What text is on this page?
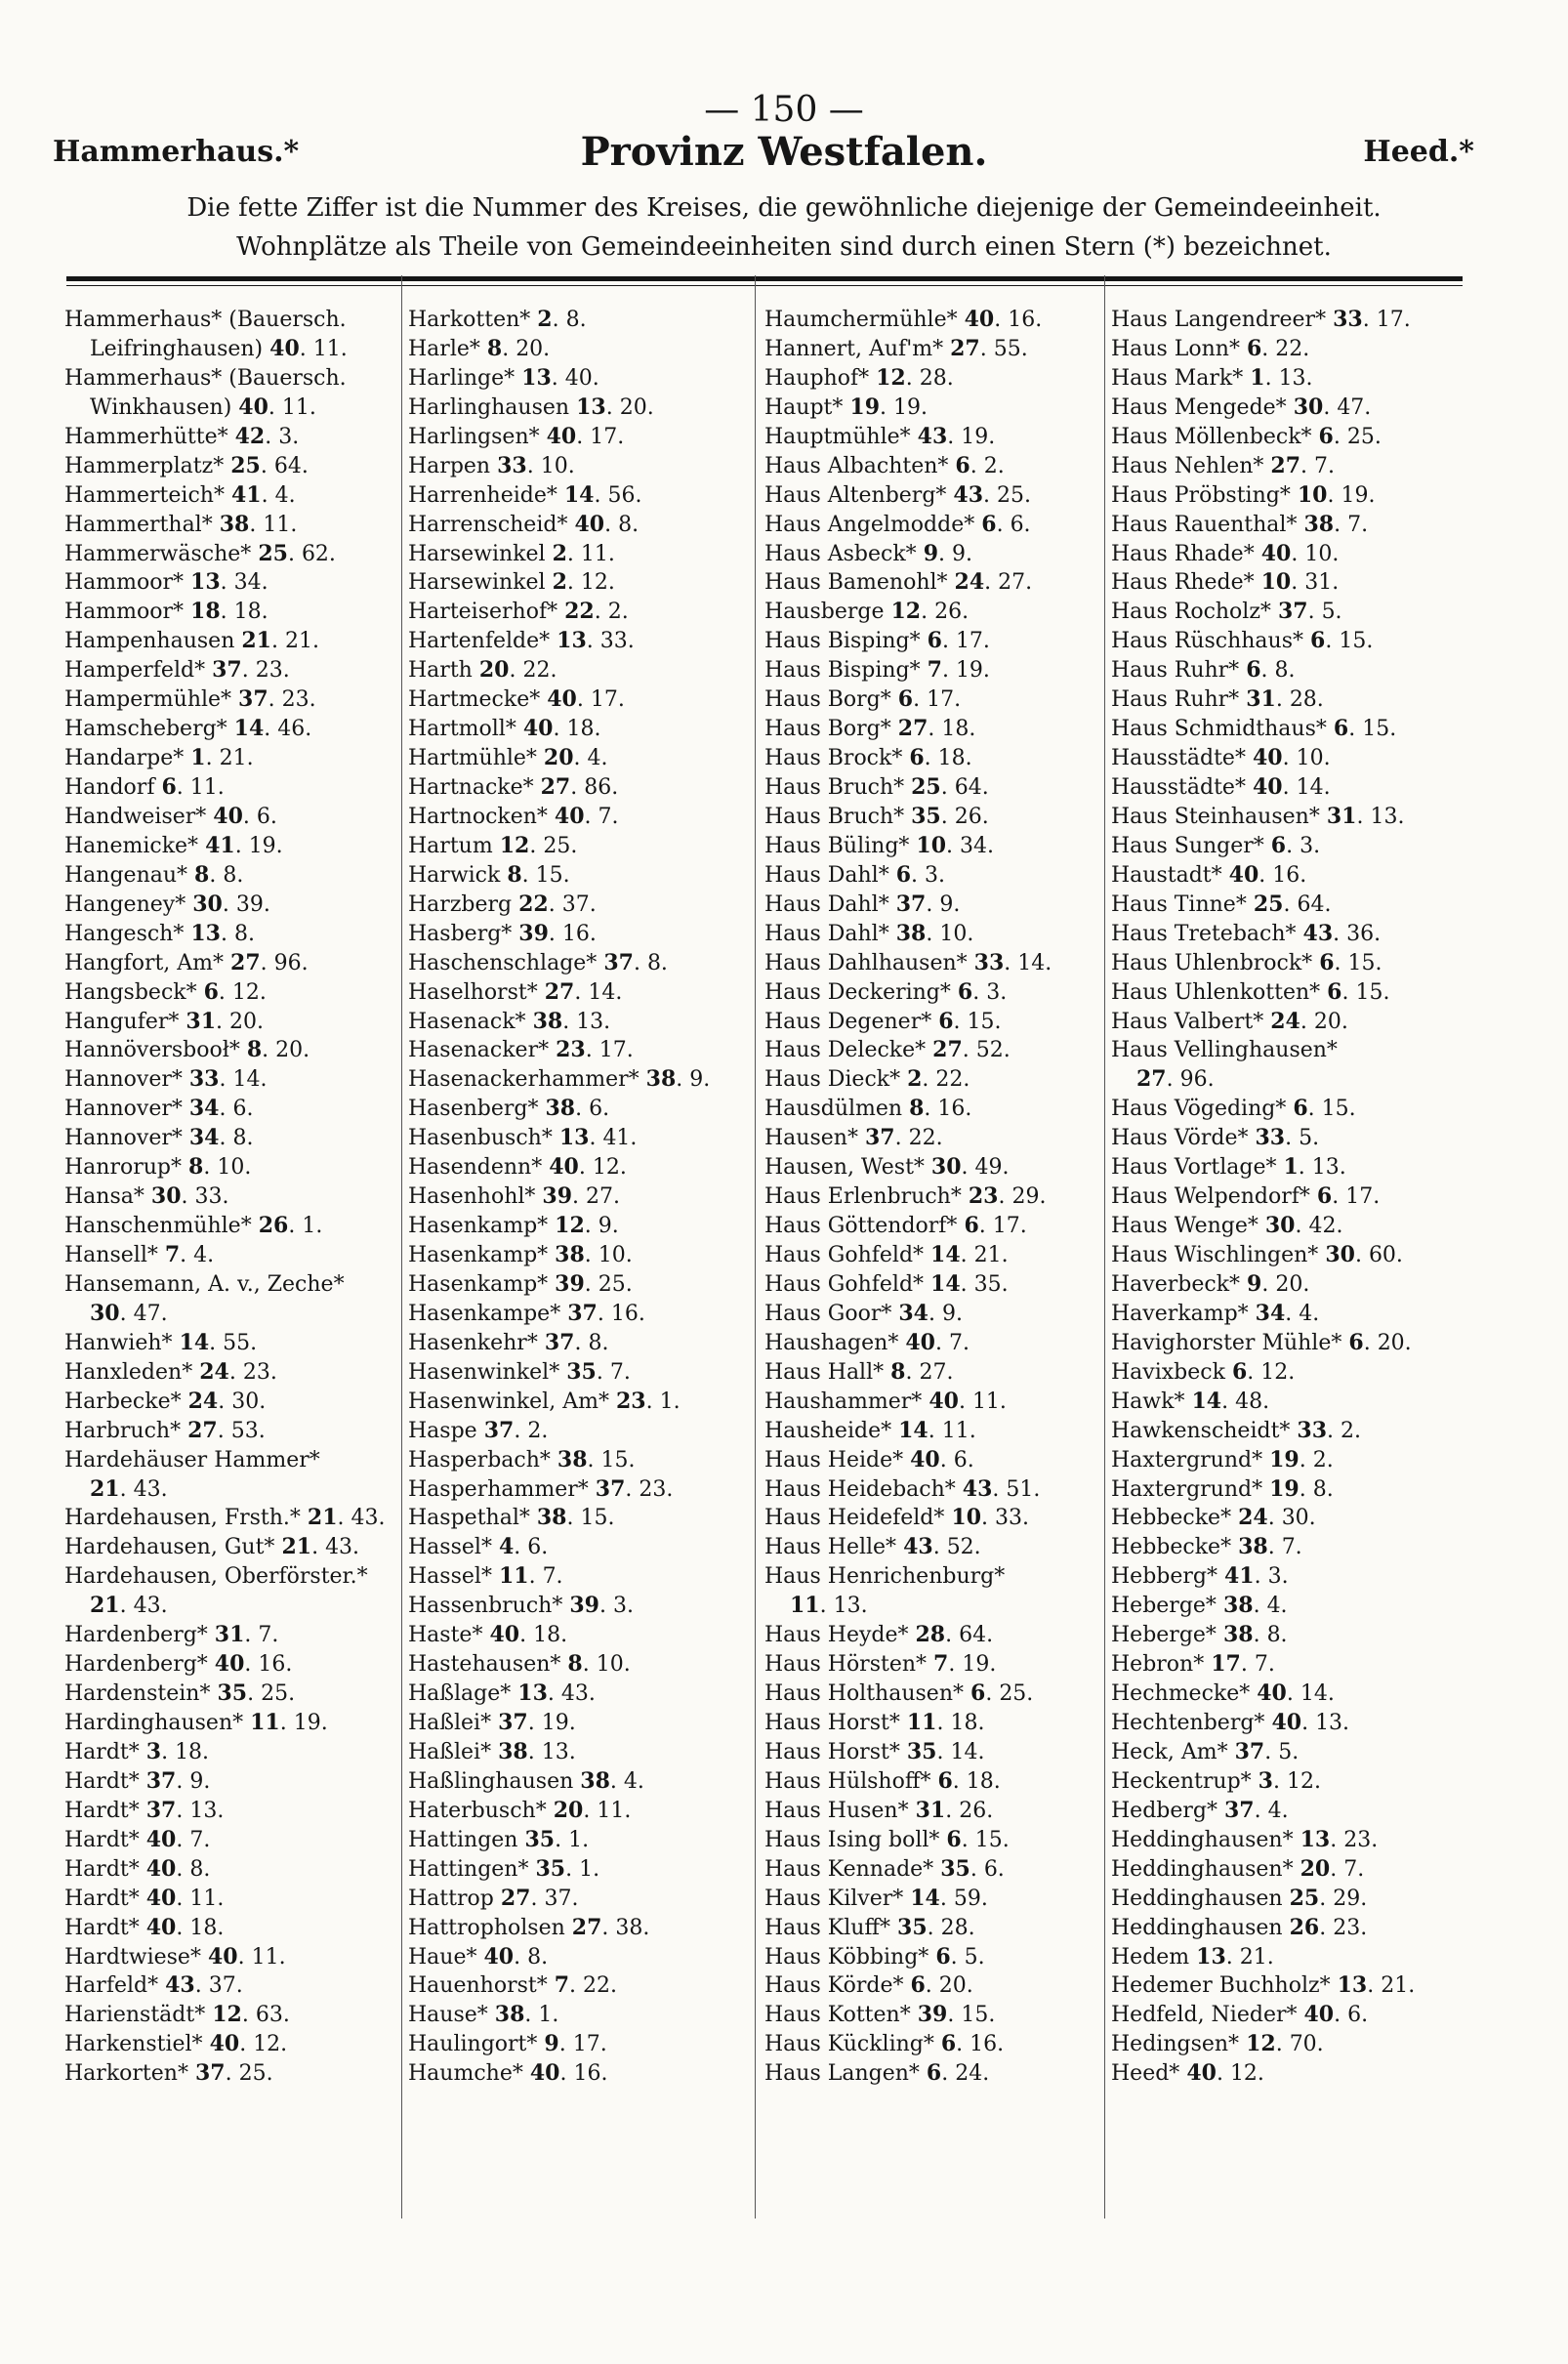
— 150 —
Hammerhaus.*	Provinz Westfalen.	Heed.*
Die fette Ziffer ist die Nummer des Kreises, die gewöhnliche diejenige der Gemeindeeinheit.
Wohnplätze als Theile von Gemeindeeinheiten sind durch einen Stern (*) bezeichnet.
Hammerhaus* (Bauersch.
Leifringhausen) 40. 11.
Hammerhaus* (Bauersch.
Winkhausen) 40. 11.
Hammerhütte* 42. 3.
Hammerplatz* 25. 64.
Hammerteich* 41. 4.
Hammerthal* 38. 11.
Hammerwäsche* 25. 62.
Hammoor* 13. 34.
Hammoor* 18. 18.
Hampenhausen 21. 21.
Hamperfeld* 37. 23.
Hampermühle* 37. 23.
Hamscheberg* 14. 46.
Handarpe* 1. 21.
Handorf 6. 11.
Handweiser* 40. 6.
Hanemicke* 41. 19.
Hangenau* 8. 8.
Hangeney* 30. 39.
Hangesch* 13. 8.
Hangfort, Am* 27. 96.
Hangsbeck* 6. 12.
Hangufer* 31. 20.
Hannöversbooł* 8. 20.
Hannover* 33. 14.
Hannover* 34. 6.
Hannover* 34. 8.
Hanrorup* 8. 10.
Hansa* 30. 33.
Hanschenmühle* 26. 1.
Hansell* 7. 4.
Hansemann, A. v., Zeche*
30. 47.
Hanwieh* 14. 55.
Hanxleden* 24. 23.
Harbecke* 24. 30.
Harbruch* 27. 53.
Hardehäuser Hammer*
21. 43.
Hardehausen, Frsth.* 21. 43.
Hardehausen, Gut* 21. 43.
Hardehausen, Oberförster.*
21. 43.
Hardenberg* 31. 7.
Hardenberg* 40. 16.
Hardenstein* 35. 25.
Hardinghausen* 11. 19.
Hardt* 3. 18.
Hardt* 37. 9.
Hardt* 37. 13.
Hardt* 40. 7.
Hardt* 40. 8.
Hardt* 40. 11.
Hardt* 40. 18.
Hardtwiese* 40. 11.
Harfeld* 43. 37.
Harienstädt* 12. 63.
Harkenstiel* 40. 12.
Harkorten* 37. 25.
Harkotten* 2. 8.
Harle* 8. 20.
Harlinge* 13. 40.
Harlinghausen 13. 20.
Harlingsen* 40. 17.
Harpen 33. 10.
Harrenheide* 14. 56.
Harrenscheid* 40. 8.
Harsewinkel 2. 11.
Harsewinkel 2. 12.
Harteiserhof* 22. 2.
Hartenfelde* 13. 33.
Harth 20. 22.
Hartmecke* 40. 17.
Hartmoll* 40. 18.
Hartmühle* 20. 4.
Hartnacke* 27. 86.
Hartnocken* 40. 7.
Hartum 12. 25.
Harwick 8. 15.
Harzberg 22. 37.
Hasberg* 39. 16.
Haschenschlage* 37. 8.
Haselhorst* 27. 14.
Hasenack* 38. 13.
Hasenacker* 23. 17.
Hasenackerhammer* 38. 9.
Hasenberg* 38. 6.
Hasenbusch* 13. 41.
Hasendenn* 40. 12.
Hasenhohl* 39. 27.
Hasenkamp* 12. 9.
Hasenkamp* 38. 10.
Hasenkamp* 39. 25.
Hasenkampe* 37. 16.
Hasenkehr* 37. 8.
Hasenwinkel* 35. 7.
Hasenwinkel, Am* 23. 1.
Haspe 37. 2.
Hasperbach* 38. 15.
Hasperhammer* 37. 23.
Haspethal* 38. 15.
Hassel* 4. 6.
Hassel* 11. 7.
Hassenbruch* 39. 3.
Haste* 40. 18.
Hastehausen* 8. 10.
Haßlage* 13. 43.
Haßlei* 37. 19.
Haßlei* 38. 13.
Haßlinghausen 38. 4.
Haterbusch* 20. 11.
Hattingen 35. 1.
Hattingen* 35. 1.
Hattrop 27. 37.
Hattropholsen 27. 38.
Haue* 40. 8.
Hauenhorst* 7. 22.
Hause* 38. 1.
Haulingort* 9. 17.
Haumche* 40. 16.
Haumchermühle* 40. 16.
Hannert, Auf'm* 27. 55.
Hauphof* 12. 28.
Haupt* 19. 19.
Hauptmühle* 43. 19.
Haus Albachten* 6. 2.
Haus Altenberg* 43. 25.
Haus Angelmodde* 6. 6.
Haus Asbeck* 9. 9.
Haus Bamenohl* 24. 27.
Hausberge 12. 26.
Haus Bisping* 6. 17.
Haus Bisping* 7. 19.
Haus Borg* 6. 17.
Haus Borg* 27. 18.
Haus Brock* 6. 18.
Haus Bruch* 25. 64.
Haus Bruch* 35. 26.
Haus Büling* 10. 34.
Haus Dahl* 6. 3.
Haus Dahl* 37. 9.
Haus Dahl* 38. 10.
Haus Dahlhausen* 33. 14.
Haus Deckering* 6. 3.
Haus Degener* 6. 15.
Haus Delecke* 27. 52.
Haus Dieck* 2. 22.
Hausdülmen 8. 16.
Hausen* 37. 22.
Hausen, West* 30. 49.
Haus Erlenbruch* 23. 29.
Haus Göttendorf* 6. 17.
Haus Gohfeld* 14. 21.
Haus Gohfeld* 14. 35.
Haus Goor* 34. 9.
Haushagen* 40. 7.
Haus Hall* 8. 27.
Haushammer* 40. 11.
Hausheide* 14. 11.
Haus Heide* 40. 6.
Haus Heidebach* 43. 51.
Haus Heidefeld* 10. 33.
Haus Helle* 43. 52.
Haus Henrichenburg*
11. 13.
Haus Heyde* 28. 64.
Haus Hörsten* 7. 19.
Haus Holthausen* 6. 25.
Haus Horst* 11. 18.
Haus Horst* 35. 14.
Haus Hülshoff* 6. 18.
Haus Husen* 31. 26.
Haus Ising boll* 6. 15.
Haus Kennade* 35. 6.
Haus Kilver* 14. 59.
Haus Kluff* 35. 28.
Haus Köbbing* 6. 5.
Haus Körde* 6. 20.
Haus Kotten* 39. 15.
Haus Kückling* 6. 16.
Haus Langen* 6. 24.
Haus Langendreer* 33. 17.
Haus Lonn* 6. 22.
Haus Mark* 1. 13.
Haus Mengede* 30. 47.
Haus Möllenbeck* 6. 25.
Haus Nehlen* 27. 7.
Haus Pröbsting* 10. 19.
Haus Rauenthal* 38. 7.
Haus Rhade* 40. 10.
Haus Rhede* 10. 31.
Haus Rocholz* 37. 5.
Haus Rüschhaus* 6. 15.
Haus Ruhr* 6. 8.
Haus Ruhr* 31. 28.
Haus Schmidthaus* 6. 15.
Hausstädte* 40. 10.
Hausstädte* 40. 14.
Haus Steinhausen* 31. 13.
Haus Sunger* 6. 3.
Haustadt* 40. 16.
Haus Tinne* 25. 64.
Haus Tretebach* 43. 36.
Haus Uhlenbrock* 6. 15.
Haus Uhlenkotten* 6. 15.
Haus Valbert* 24. 20.
Haus Vellinghausen*
27. 96.
Haus Vögeding* 6. 15.
Haus Vörde* 33. 5.
Haus Vortlage* 1. 13.
Haus Welpendorf* 6. 17.
Haus Wenge* 30. 42.
Haus Wischlingen* 30. 60.
Haverbeck* 9. 20.
Haverkamp* 34. 4.
Havighorster Mühle* 6. 20.
Havixbeck 6. 12.
Hawk* 14. 48.
Hawkenscheidt* 33. 2.
Haxtergrund* 19. 2.
Haxtergrund* 19. 8.
Hebbecke* 24. 30.
Hebbecke* 38. 7.
Hebberg* 41. 3.
Heberge* 38. 4.
Heberge* 38. 8.
Hebron* 17. 7.
Hechmecke* 40. 14.
Hechtenberg* 40. 13.
Heck, Am* 37. 5.
Heckentrup* 3. 12.
Hedberg* 37. 4.
Heddinghausen* 13. 23.
Heddinghausen* 20. 7.
Heddinghausen 25. 29.
Heddinghausen 26. 23.
Hedem 13. 21.
Hedemer Buchholz* 13. 21.
Hedfeld, Nieder* 40. 6.
Hedingsen* 12. 70.
Heed* 40. 12.
